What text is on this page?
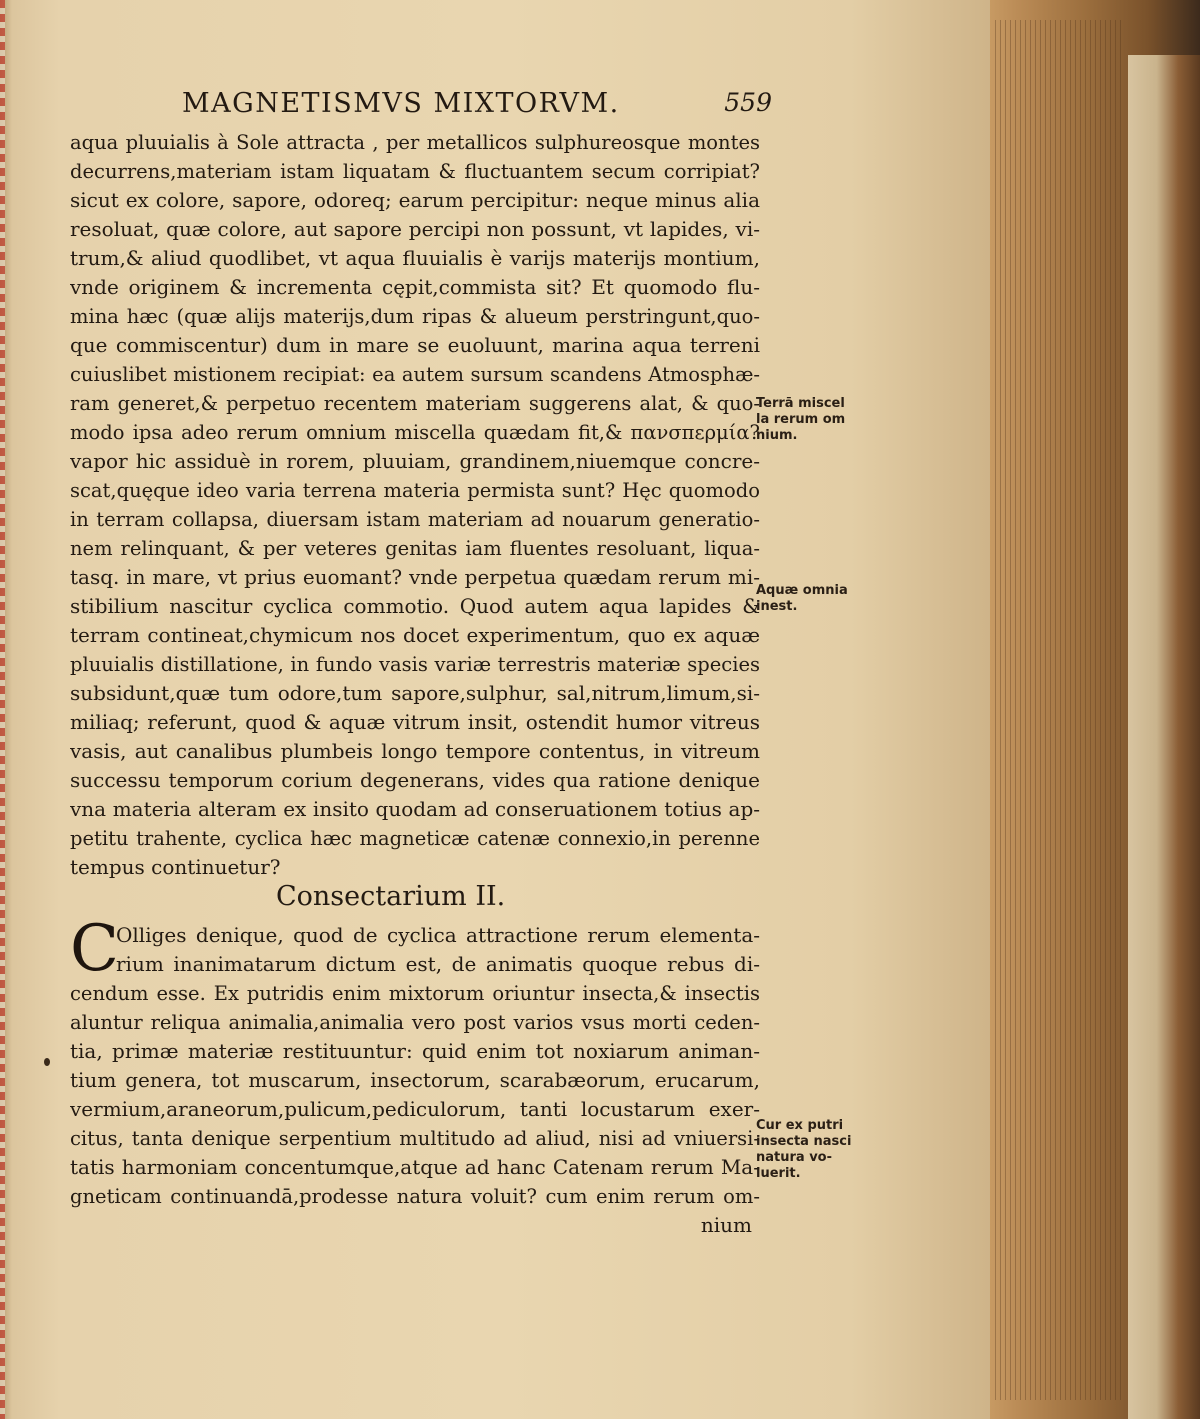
MAGNETISMVS MIXTORVM.	559
aqua pluuialis à Sole attracta , per metallicos sulphureosque montes
decurrens,materiam istam liquatam & fluctuantem secum corripiat?
sicut ex colore, sapore, odoreq; earum percipitur: neque minus alia
resoluat, quæ colore, aut sapore percipi non possunt, vt lapides, vi-
trum,& aliud quodlibet, vt aqua fluuialis è varijs materijs montium,
vnde originem & incrementa cępit,commista sit? Et quomodo flu-
mina hæc (quæ alijs materijs,dum ripas & alueum perstringunt,quo-
que commiscentur) dum in mare se euoluunt, marina aqua terreni
cuiuslibet mistionem recipiat: ea autem sursum scandens Atmosphæ-
ram generet,& perpetuo recentem materiam suggerens alat, & quo-
modo ipsa adeo rerum omnium miscella quædam fit,& πανσπερμία?
vapor hic assiduè in rorem, pluuiam, grandinem,niuemque concre-
scat,quęque ideo varia terrena materia permista sunt? Hęc quomodo
in terram collapsa, diuersam istam materiam ad nouarum generatio-
nem relinquant, & per veteres genitas iam fluentes resoluant, liqua-
tasq. in mare, vt prius euomant? vnde perpetua quædam rerum mi-
stibilium nascitur cyclica commotio. Quod autem aqua lapides &
terram contineat,chymicum nos docet experimentum, quo ex aquæ
pluuialis distillatione, in fundo vasis variæ terrestris materiæ species
subsidunt,quæ tum odore,tum sapore,sulphur, sal,nitrum,limum,si-
miliaq; referunt, quod & aquæ vitrum insit, ostendit humor vitreus
vasis, aut canalibus plumbeis longo tempore contentus, in vitreum
successu temporum corium degenerans, vides qua ratione denique
vna materia alteram ex insito quodam ad conseruationem totius ap-
petitu trahente, cyclica hæc magneticæ catenæ connexio,in perenne
tempus continuetur?
Consectarium II.
C
Olliges denique, quod de cyclica attractione rerum elementa-
rium inanimatarum dictum est, de animatis quoque rebus di-
cendum esse. Ex putridis enim mixtorum oriuntur insecta,& insectis
aluntur reliqua animalia,animalia vero post varios vsus morti ceden-
tia, primæ materiæ restituuntur: quid enim tot noxiarum animan-
tium genera, tot muscarum, insectorum, scarabæorum, erucarum,
vermium,araneorum,pulicum,pediculorum, tanti locustarum exer-
citus, tanta denique serpentium multitudo ad aliud, nisi ad vniuersi-
tatis harmoniam concentumque,atque ad hanc Catenam rerum Ma-
gneticam continuandā,prodesse natura voluit? cum enim rerum om-
nium
Terrā miscel
la rerum om
nium.
Aquæ omnia
inest.
Cur ex putri
insecta nasci
natura vo-
luerit.
